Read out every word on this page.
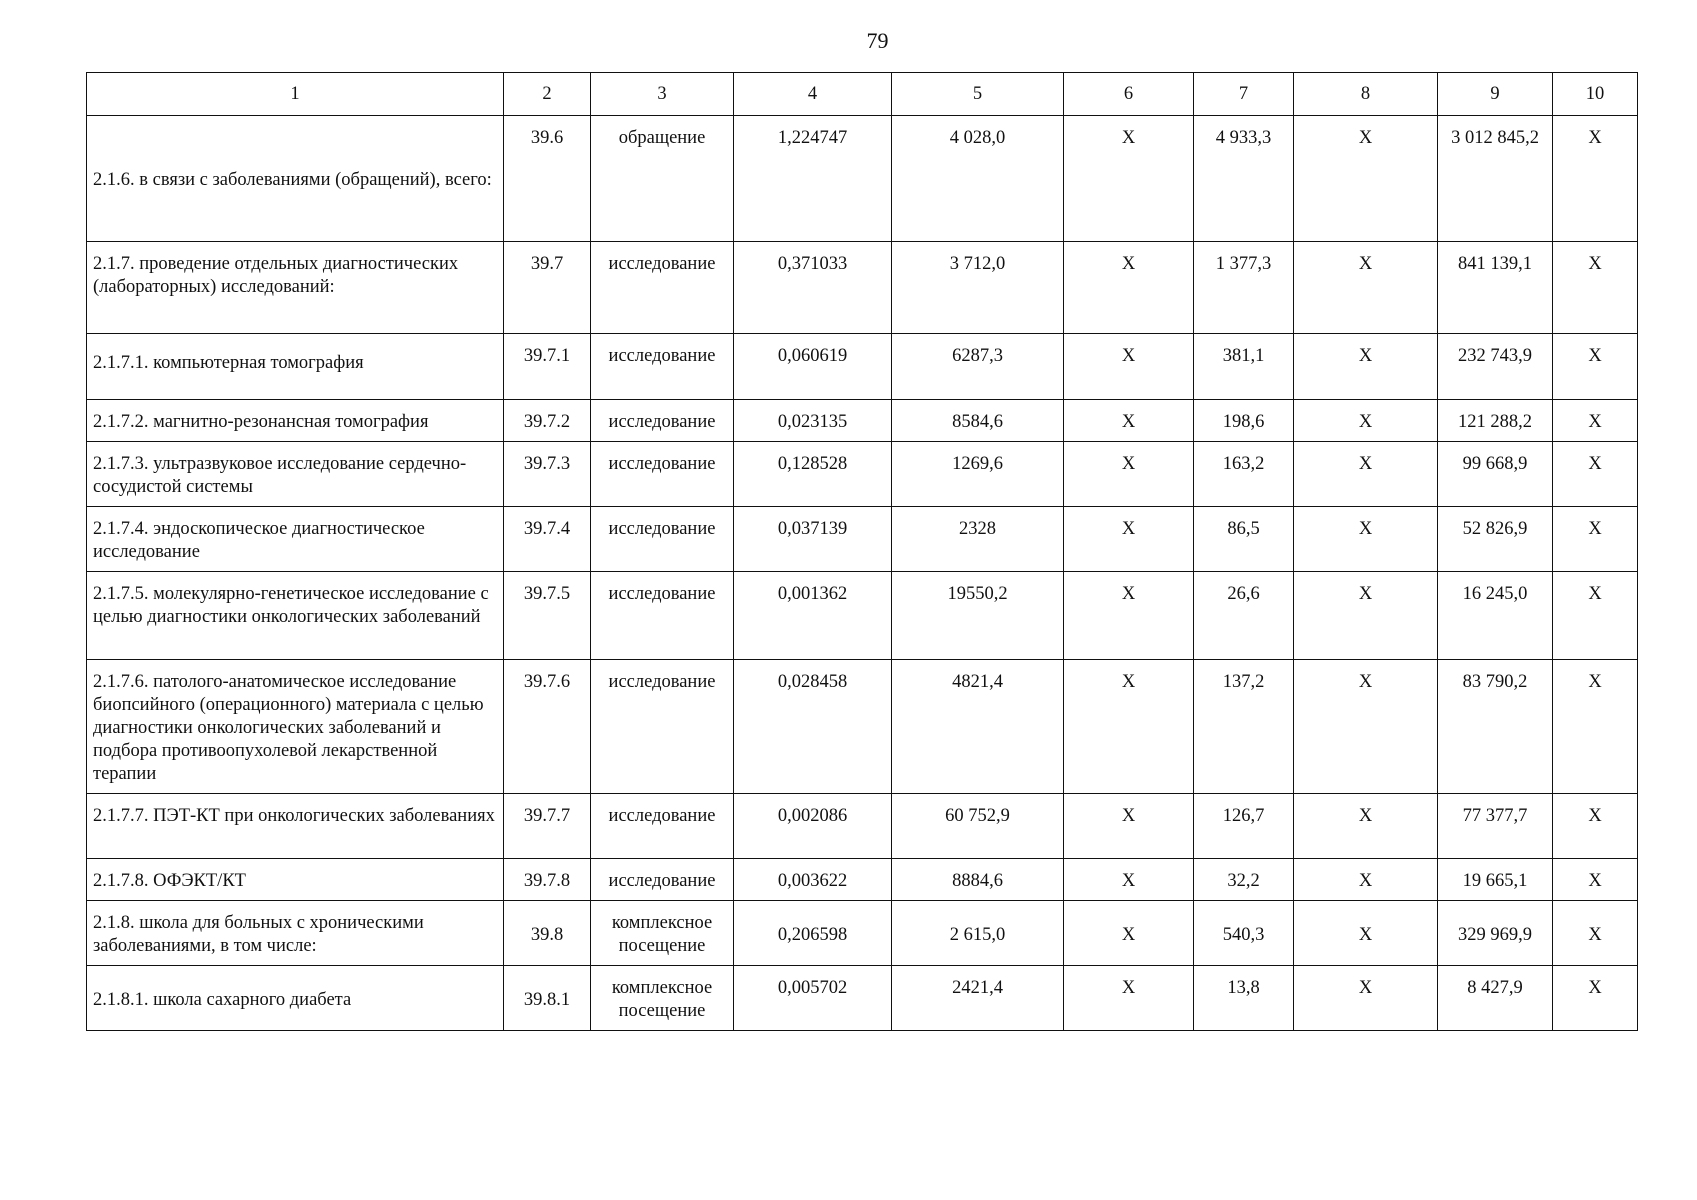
79
1	2	3	4	5	6	7	8	9	10
2.1.6. в связи с заболеваниями (обращений), всего:	39.6	обращение	1,224747	4 028,0	Х	4 933,3	Х	3 012 845,2	Х
2.1.7. проведение отдельных диагностических (лабораторных) исследований:	39.7	исследование	0,371033	3 712,0	Х	1 377,3	Х	841 139,1	Х
2.1.7.1. компьютерная томография	39.7.1	исследование	0,060619	6287,3	Х	381,1	Х	232 743,9	Х
2.1.7.2. магнитно-резонансная томография	39.7.2	исследование	0,023135	8584,6	Х	198,6	Х	121 288,2	Х
2.1.7.3. ультразвуковое исследование сердечно-сосудистой системы	39.7.3	исследование	0,128528	1269,6	Х	163,2	Х	99 668,9	Х
2.1.7.4. эндоскопическое диагностическое исследование	39.7.4	исследование	0,037139	2328	Х	86,5	Х	52 826,9	Х
2.1.7.5. молекулярно-генетическое исследование с целью диагностики онкологических заболеваний	39.7.5	исследование	0,001362	19550,2	Х	26,6	Х	16 245,0	Х
2.1.7.6. патолого-анатомическое исследование биопсийного (операционного) материала с целью диагностики онкологических заболеваний и подбора противоопухолевой лекарственной терапии	39.7.6	исследование	0,028458	4821,4	Х	137,2	Х	83 790,2	Х
2.1.7.7. ПЭТ-КТ при онкологических заболеваниях	39.7.7	исследование	0,002086	60 752,9	Х	126,7	Х	77 377,7	Х
2.1.7.8. ОФЭКТ/КТ	39.7.8	исследование	0,003622	8884,6	Х	32,2	Х	19 665,1	Х
2.1.8. школа для больных с хроническими заболеваниями, в том числе:	39.8	комплексное посещение	0,206598	2 615,0	Х	540,3	Х	329 969,9	Х
2.1.8.1. школа сахарного диабета	39.8.1	комплексное посещение	0,005702	2421,4	Х	13,8	Х	8 427,9	Х
